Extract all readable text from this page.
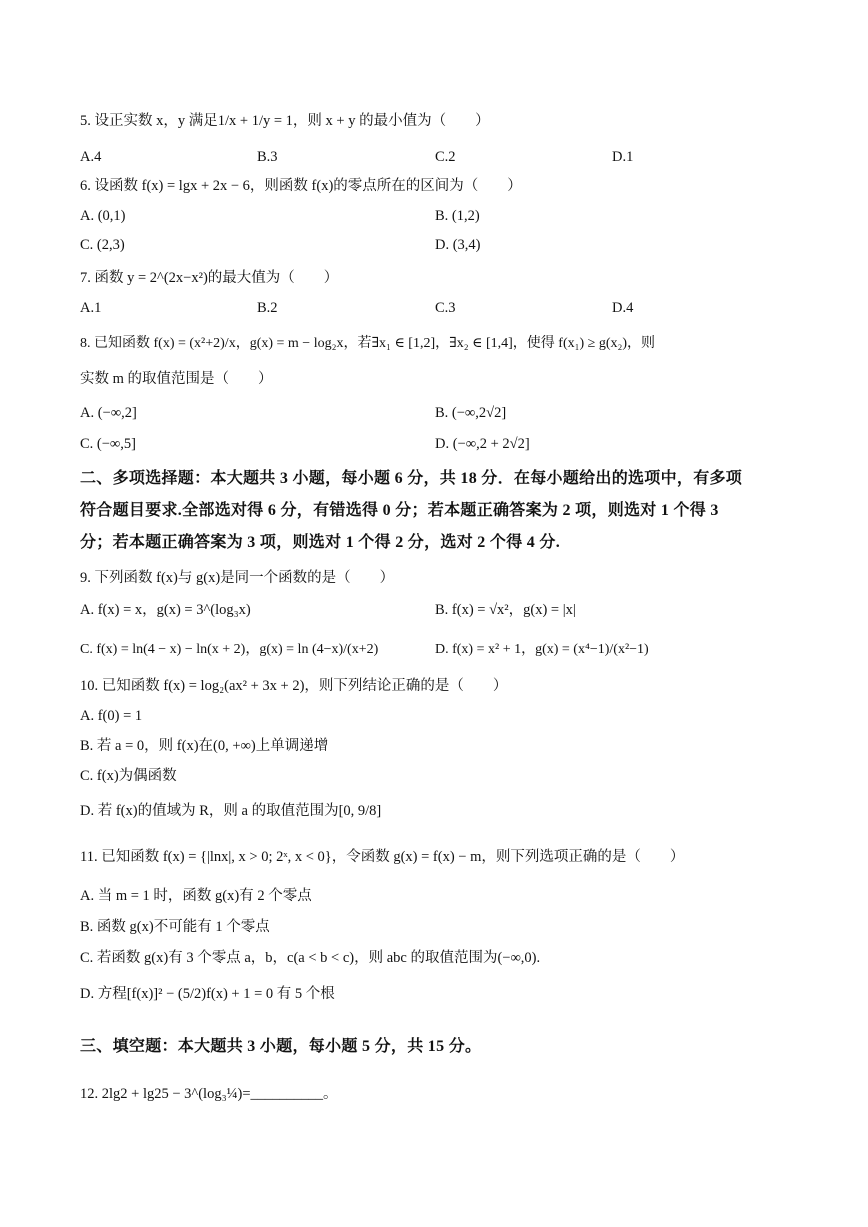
5. 设正实数 x，y 满足1/x + 1/y = 1，则 x + y 的最小值为（　　）
A.4	B.3	C.2	D.1
6. 设函数 f(x) = lgx + 2x − 6，则函数 f(x)的零点所在的区间为（　　）
A. (0,1)	B. (1,2)
C. (2,3)	D. (3,4)
7. 函数 y = 2^(2x−x²)的最大值为（　　）
A.1	B.2	C.3	D.4
8. 已知函数 f(x) = (x²+2)/x，g(x) = m − log₂x，若∃x₁ ∈ [1,2]，∃x₂ ∈ [1,4]，使得 f(x₁) ≥ g(x₂)，则
实数 m 的取值范围是（　　）
A. (−∞,2]	B. (−∞,2√2]
C. (−∞,5]	D. (−∞,2 + 2√2]
二、多项选择题：本大题共 3 小题，每小题 6 分，共 18 分．在每小题给出的选项中，有多项
符合题目要求.全部选对得 6 分，有错选得 0 分；若本题正确答案为 2 项，则选对 1 个得 3
分；若本题正确答案为 3 项，则选对 1 个得 2 分，选对 2 个得 4 分.
9. 下列函数 f(x)与 g(x)是同一个函数的是（　　）
A. f(x) = x，g(x) = 3^(log₃x)	B. f(x) = √x²，g(x) = |x|
C. f(x) = ln(4 − x) − ln(x + 2)，g(x) = ln (4−x)/(x+2)	D. f(x) = x² + 1，g(x) = (x⁴−1)/(x²−1)
10. 已知函数 f(x) = log₂(ax² + 3x + 2)，则下列结论正确的是（　　）
A. f(0) = 1
B. 若 a = 0，则 f(x)在(0, +∞)上单调递增
C. f(x)为偶函数
D. 若 f(x)的值域为 R，则 a 的取值范围为[0, 9/8]
11. 已知函数 f(x) = {|lnx|, x > 0; 2ˣ, x < 0}，令函数 g(x) = f(x) − m，则下列选项正确的是（　　）
A. 当 m = 1 时，函数 g(x)有 2 个零点
B. 函数 g(x)不可能有 1 个零点
C. 若函数 g(x)有 3 个零点 a，b，c(a < b < c)，则 abc 的取值范围为(−∞,0).
D. 方程[f(x)]² − (5/2)f(x) + 1 = 0 有 5 个根
三、填空题：本大题共 3 小题，每小题 5 分，共 15 分。
12. 2lg2 + lg25 − 3^(log₃¼)=__________。
